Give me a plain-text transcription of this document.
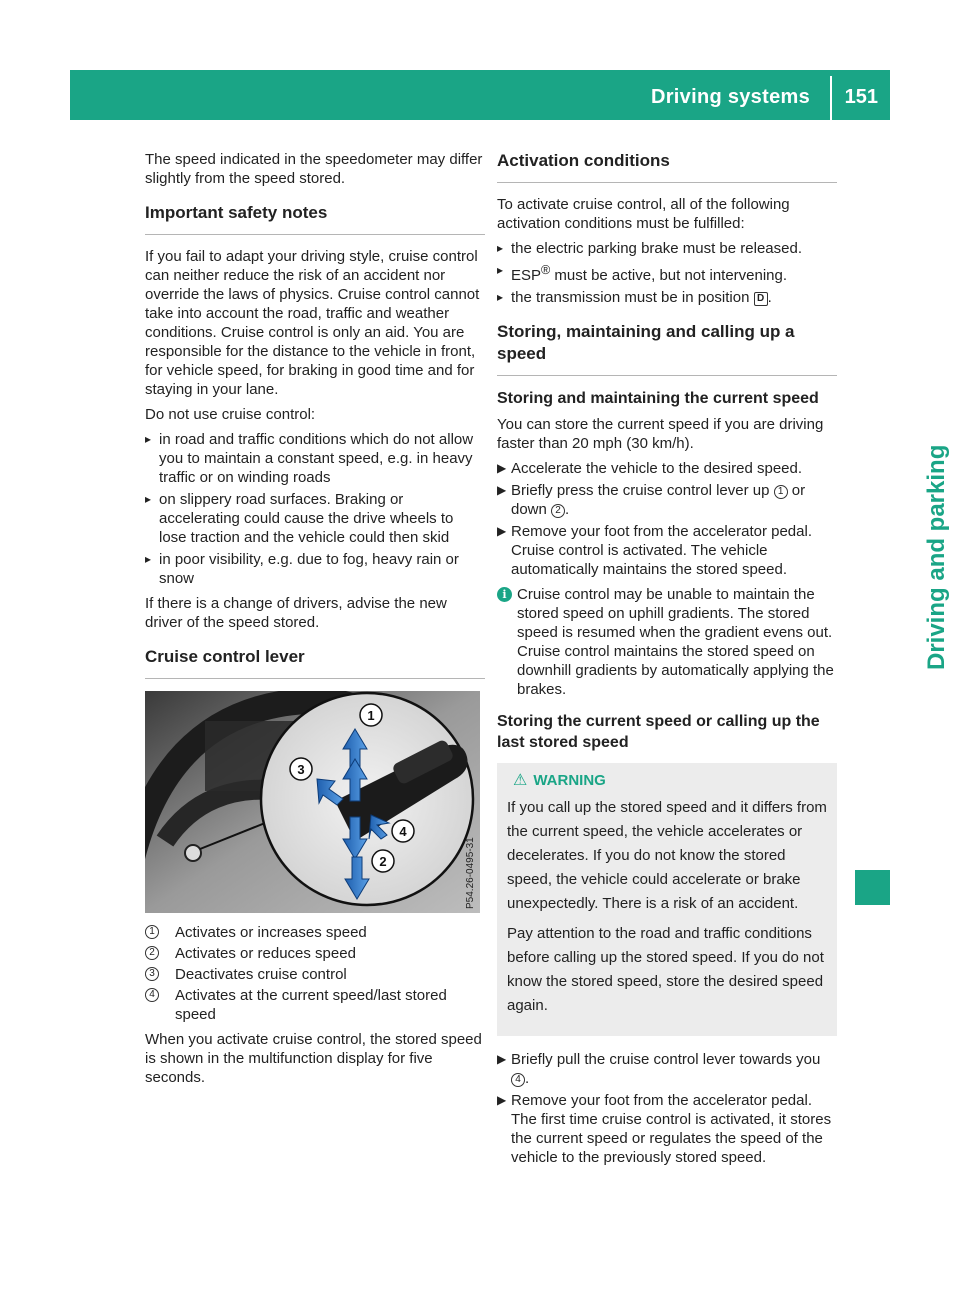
Driving systems 151
Driving and parking

The speed indicated in the speedometer may differ slightly from the speed stored.

Important safety notes

If you fail to adapt your driving style, cruise control can neither reduce the risk of an accident nor override the laws of physics. Cruise control cannot take into account the road, traffic and weather conditions. Cruise control is only an aid. You are responsible for the distance to the vehicle in front, for vehicle speed, for braking in good time and for staying in your lane.

Do not use cruise control:

▸ in road and traffic conditions which do not allow you to maintain a constant speed, e.g. in heavy traffic or on winding roads
▸ on slippery road surfaces. Braking or accelerating could cause the drive wheels to lose traction and the vehicle could then skid
▸ in poor visibility, e.g. due to fog, heavy rain or snow

If there is a change of drivers, advise the new driver of the speed stored.

Cruise control lever
1
2
3
4
P54.26-0495-31
1 Activates or increases speed
2 Activates or reduces speed
3 Deactivates cruise control
4 Activates at the current speed/last stored speed

When you activate cruise control, the stored speed is shown in the multifunction display for five seconds.

Activation conditions

To activate cruise control, all of the following activation conditions must be fulfilled:

▸ the electric parking brake must be released.
▸ ESP® must be active, but not intervening.
▸ the transmission must be in position D .
Storing, maintaining and calling up a speed
Storing and maintaining the current speed

You can store the current speed if you are driving faster than 20 mph (30 km/h).

▶ Accelerate the vehicle to the desired speed.
▶ Briefly press the cruise control lever up 1 or down 2 .
▶ Remove your foot from the accelerator pedal. Cruise control is activated. The vehicle automatically maintains the stored speed.
i Cruise control may be unable to maintain the stored speed on uphill gradients. The stored speed is resumed when the gradient evens out. Cruise control maintains the stored speed on downhill gradients by automatically applying the brakes.
Storing the current speed or calling up the last stored speed
⚠ WARNING

If you call up the stored speed and it differs from the current speed, the vehicle accelerates or decelerates. If you do not know the stored speed, the vehicle could accelerate or brake unexpectedly. There is a risk of an accident.

Pay attention to the road and traffic conditions before calling up the stored speed. If you do not know the stored speed, store the desired speed again.

▶ Briefly pull the cruise control lever towards you 4 .
▶ Remove your foot from the accelerator pedal. The first time cruise control is activated, it stores the current speed or regulates the speed of the vehicle to the previously stored speed.
